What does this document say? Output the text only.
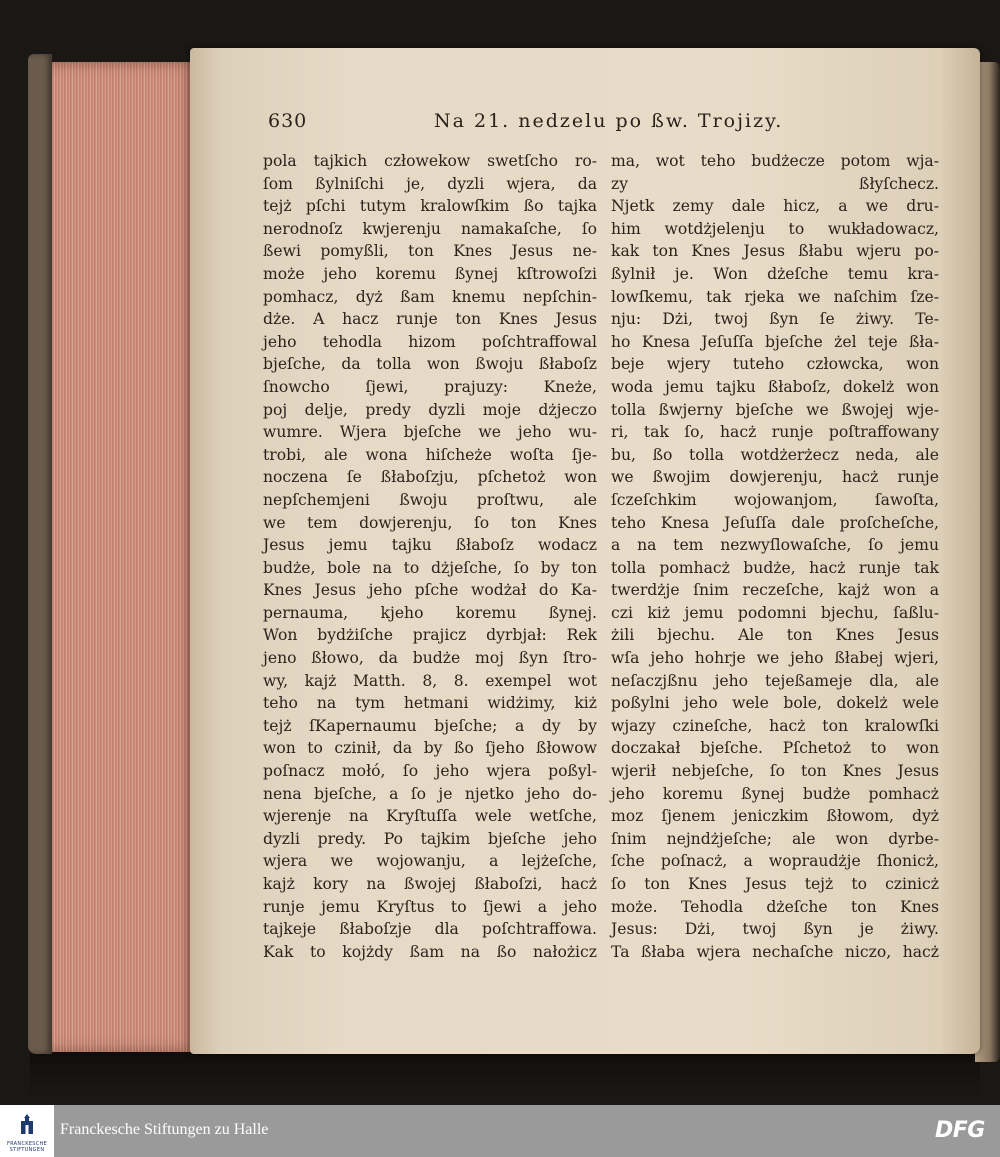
630	Na 21. nedzelu po ßw. Trojizy.
pola tajkich człowekow swetſcho ro-
ſom ßylniſchi je, dyzli wjera, da
tejż pſchi tutym kralowſkim ßo tajka
nerodnoſz kwjerenju namakaſche, ſo
ßewi pomyßli, ton Knes Jesus ne-
może jeho koremu ßynej kſtrowoſzi
pomhacz, dyż ßam knemu nepſchin-
dże. A hacz runje ton Knes Jesus
jeho tehodla hizom poſchtraffowal
bjeſche, da tolla won ßwoju ßłaboſz
ſnowcho ſjewi, prajuzy: Kneże,
poj delje, predy dyzli moje dżjeczo
wumre. Wjera bjeſche we jeho wu-
trobi, ale wona hiſcheże woſta ſje-
noczena ſe ßłaboſzju, pſchetoż won
nepſchemjeni ßwoju proſtwu, ale
we tem dowjerenju, ſo ton Knes
Jesus jemu tajku ßłaboſz wodacz
budże, bole na to dżjeſche, ſo by ton
Knes Jesus jeho pſche wodżał do Ka-
pernauma, kjeho koremu ßynej.
Won bydżiſche prajicz dyrbjał: Rek
jeno ßłowo, da budże moj ßyn ſtro-
wy, kajż Matth. 8, 8. exempel wot
teho na tym hetmani widżimy, kiż
tejż ſKapernaumu bjeſche; a dy by
won to czinił, da by ßo ſjeho ßłowow
poſnacz mołó, ſo jeho wjera poßyl-
nena bjeſche, a ſo je njetko jeho do-
wjerenje na Kryſtuſſa wele wetſche,
dyzli predy. Po tajkim bjeſche jeho
wjera we wojowanju, a lejżeſche,
kajż kory na ßwojej ßłaboſzi, hacż
runje jemu Kryſtus to ſjewi a jeho
tajkeje ßłaboſzje dla poſchtraffowa.
Kak to kojżdy ßam na ßo nałożicz
ma, wot teho budżecze potom wja-
zy ßłyſchecz.
Njetk zemy dale hicz, a we dru-
him wotdżjelenju to wukładowacz,
kak ton Knes Jesus ßłabu wjeru po-
ßylnił je. Won dżeſche temu kra-
lowſkemu, tak rjeka we naſchim ſze-
nju: Dżi, twoj ßyn ſe żiwy. Te-
ho Knesa Jeſuſſa bjeſche żel teje ßła-
beje wjery tuteho człowcka, won
woda jemu tajku ßłaboſz, dokelż won
tolla ßwjerny bjeſche we ßwojej wje-
ri, tak ſo, hacż runje poſtraffowany
bu, ßo tolla wotdżerżecz neda, ale
we ßwojim dowjerenju, hacż runje
ſczeſchkim wojowanjom, ſawoſta,
teho Knesa Jeſuſſa dale proſcheſche,
a na tem nezwyſlowaſche, ſo jemu
tolla pomhacż budże, hacż runje tak
twerdżje ſnim reczeſche, kajż won a
czi kiż jemu podomni bjechu, ſaßlu-
żili bjechu. Ale ton Knes Jesus
wſa jeho hohrje we jeho ßłabej wjeri,
neſaczjßnu jeho tejeßameje dla, ale
poßylni jeho wele bole, dokelż wele
wjazy czineſche, hacż ton kralowſki
doczakał bjeſche. Pſchetoż to won
wjerił nebjeſche, ſo ton Knes Jesus
jeho koremu ßynej budże pomhacż
moz ſjenem jeniczkim ßłowom, dyż
ſnim nejndżjeſche; ale won dyrbe-
ſche poſnacż, a wopraudżje ſhonicż,
ſo ton Knes Jesus tejż to czinicż
może. Tehodla dżeſche ton Knes
Jesus: Dżi, twoj ßyn je żiwy.
Ta ßłaba wjera nechaſche niczo, hacż
FRANCKESCHE STIFTUNGEN
Franckesche Stiftungen zu Halle	DFG
